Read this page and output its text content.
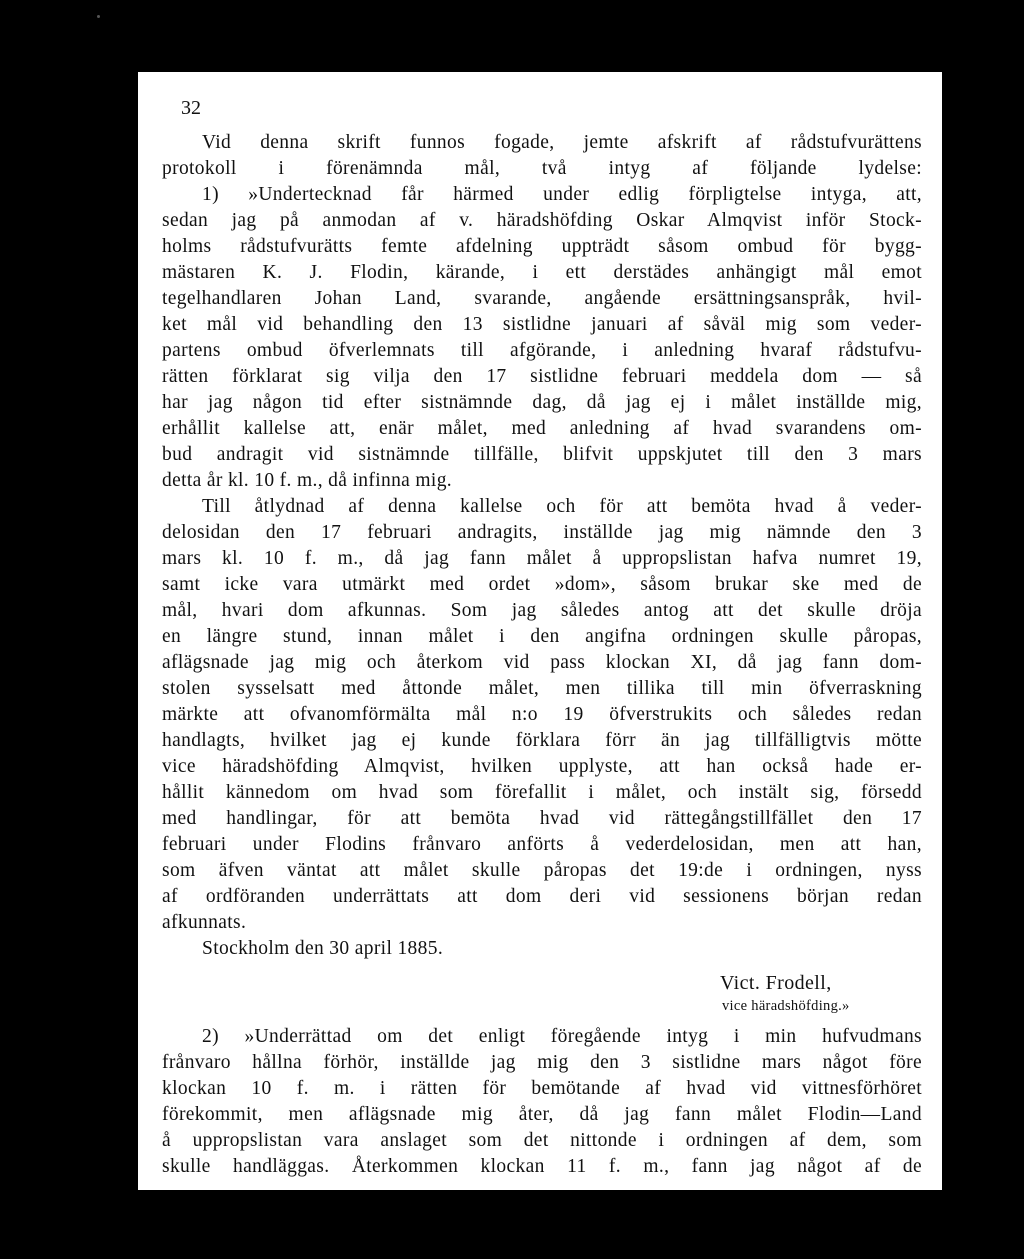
32
Vid denna skrift funnos fogade, jemte afskrift af rådstufvurättens
protokoll i förenämnda mål, två intyg af följande lydelse:
1) »Undertecknad får härmed under edlig förpligtelse intyga, att,
sedan jag på anmodan af v. häradshöfding Oskar Almqvist inför Stock-
holms rådstufvurätts femte afdelning uppträdt såsom ombud för bygg-
mästaren K. J. Flodin, kärande, i ett derstädes anhängigt mål emot
tegelhandlaren Johan Land, svarande, angående ersättningsanspråk, hvil-
ket mål vid behandling den 13 sistlidne januari af såväl mig som veder-
partens ombud öfverlemnats till afgörande, i anledning hvaraf rådstufvu-
rätten förklarat sig vilja den 17 sistlidne februari meddela dom — så
har jag någon tid efter sistnämnde dag, då jag ej i målet inställde mig,
erhållit kallelse att, enär målet, med anledning af hvad svarandens om-
bud andragit vid sistnämnde tillfälle, blifvit uppskjutet till den 3 mars
detta år kl. 10 f. m., då infinna mig.
Till åtlydnad af denna kallelse och för att bemöta hvad å veder-
delosidan den 17 februari andragits, inställde jag mig nämnde den 3
mars kl. 10 f. m., då jag fann målet å uppropslistan hafva numret 19,
samt icke vara utmärkt med ordet »dom», såsom brukar ske med de
mål, hvari dom afkunnas. Som jag således antog att det skulle dröja
en längre stund, innan målet i den angifna ordningen skulle påropas,
aflägsnade jag mig och återkom vid pass klockan XI, då jag fann dom-
stolen sysselsatt med åttonde målet, men tillika till min öfverraskning
märkte att ofvanomförmälta mål n:o 19 öfverstrukits och således redan
handlagts, hvilket jag ej kunde förklara förr än jag tillfälligtvis mötte
vice häradshöfding Almqvist, hvilken upplyste, att han också hade er-
hållit kännedom om hvad som förefallit i målet, och instält sig, försedd
med handlingar, för att bemöta hvad vid rättegångstillfället den 17
februari under Flodins frånvaro anförts å vederdelosidan, men att han,
som äfven väntat att målet skulle påropas det 19:de i ordningen, nyss
af ordföranden underrättats att dom deri vid sessionens början redan
afkunnats.
Stockholm den 30 april 1885.
Vict. Frodell,
vice häradshöfding.»
2) »Underrättad om det enligt föregående intyg i min hufvudmans
frånvaro hållna förhör, inställde jag mig den 3 sistlidne mars något före
klockan 10 f. m. i rätten för bemötande af hvad vid vittnesförhöret
förekommit, men aflägsnade mig åter, då jag fann målet Flodin—Land
å uppropslistan vara anslaget som det nittonde i ordningen af dem, som
skulle handläggas. Återkommen klockan 11 f. m., fann jag något af de
